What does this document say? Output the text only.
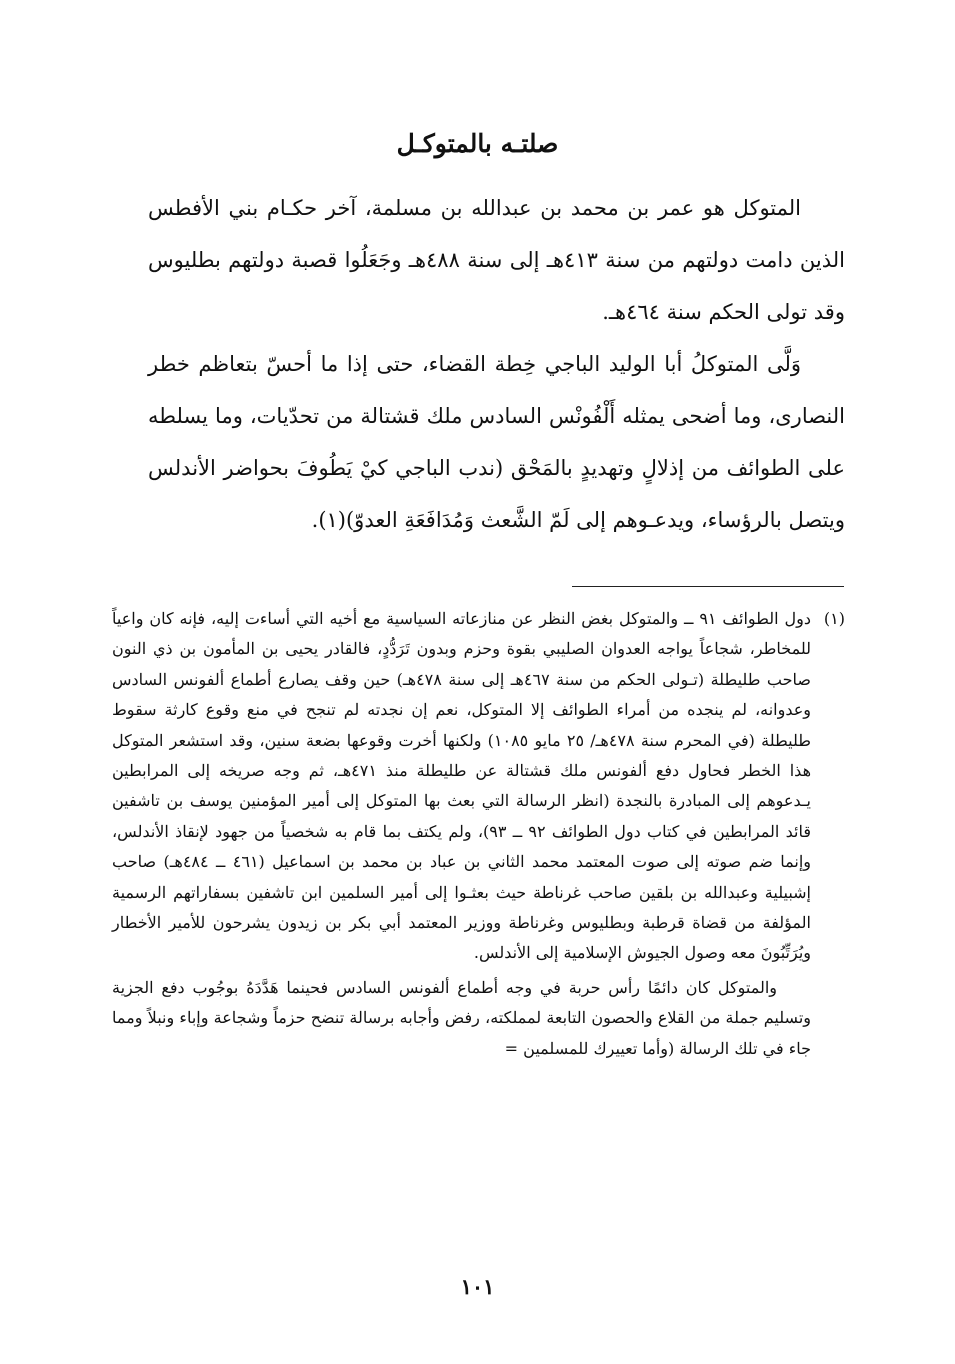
صلتـه بالمتوكـل

المتوكل هو عمر بن محمد بن عبدالله بن مسلمة، آخر حكـام بني الأفطس الذين دامت دولتهم من سنة ٤١٣هـ إلى سنة ٤٨٨هـ وجَعَلُوا قصبة دولتهم بطليوس وقد تولى الحكم سنة ٤٦٤هـ.

وَلَّى المتوكلُ أبا الوليد الباجي خِطة القضاء، حتى إذا ما أحسّ بتعاظم خطر النصارى، وما أضحى يمثله أَلْفُونْس السادس ملك قشتالة من تحدّيات، وما يسلطه على الطوائف من إذلالٍ وتهديدٍ بالمَحْق (ندب الباجي كيْ يَطُوفَ بحواضر الأندلس ويتصل بالرؤساء، ويدعـوهم إلى لَمّ الشَّعث وَمُدَافَعَةِ العدوّ)(١).

(١)

دول الطوائف ٩١ ــ والمتوكل بغض النظر عن منازعاته السياسية مع أخيه التي أساءت إليه، فإنه كان واعياً للمخاطر، شجاعاً يواجه العدوان الصليبي بقوة وحزم وبدون تَرَدُّدٍ، فالقادر يحيى بن المأمون بن ذي النون صاحب طليطلة (تـولى الحكم من سنة ٤٦٧هـ إلى سنة ٤٧٨هـ) حين وقف يصارع أطماع ألفونس السادس وعدوانه، لم ينجده من أمراء الطوائف إلا المتوكل، نعم إن نجدته لم تنجح في منع وقوع كارثة سقوط طليطلة (في المحرم سنة ٤٧٨هـ/ ٢٥ مايو ١٠٨٥) ولكنها أخرت وقوعها بضعة سنين، وقد استشعر المتوكل هذا الخطر فحاول دفع ألفونس ملك قشتالة عن طليطلة منذ ٤٧١هـ، ثم وجه صريخه إلى المرابطين يـدعوهم إلى المبادرة بالنجدة (انظر الرسالة التي بعث بها المتوكل إلى أمير المؤمنين يوسف بن تاشفين قائد المرابطين في كتاب دول الطوائف ٩٢ ــ ٩٣)، ولم يكتف بما قام به شخصياً من جهود لإنقاذ الأندلس، وإنما ضم صوته إلى صوت المعتمد محمد الثاني بن عباد بن محمد بن اسماعيل (٤٦١ ــ ٤٨٤هـ) صاحب إشبيلية وعبدالله بن بلقين صاحب غرناطة حيث بعثـوا إلى أمير السلمين ابن تاشفين بسفاراتهم الرسمية المؤلفة من قضاة قرطبة وبطليوس وغرناطة ووزير المعتمد أبي بكر بن زيدون يشرحون للأمير الأخطار ويُرَتِّبُونَ معه وصول الجيوش الإسلامية إلى الأندلس.

والمتوكل كان دائمًا رأس حربة في وجه أطماع ألفونس السادس فحينما هَدَّدَهُ بوجُوب دفع الجزية وتسليم جملة من القلاع والحصون التابعة لمملكته، رفض وأجابه برسالة تنضح حزماً وشجاعة وإباء ونبلاً ومما جاء في تلك الرسالة (وأما تعييرك للمسلمين =

١٠١
